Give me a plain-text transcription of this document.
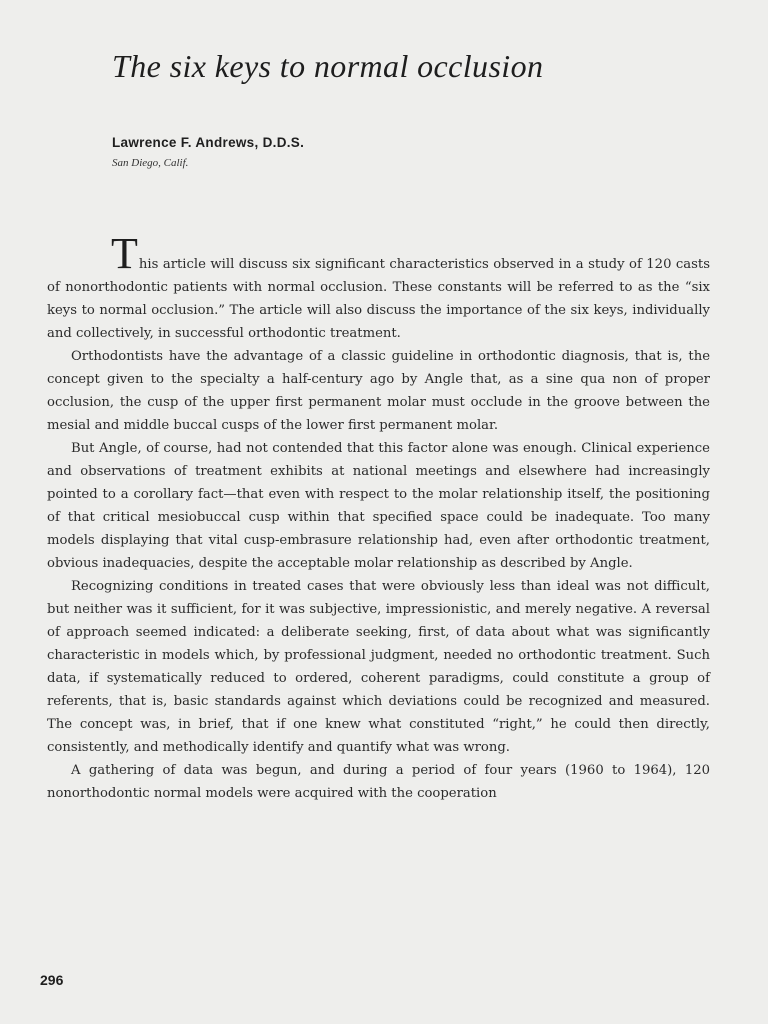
The six keys to normal occlusion
Lawrence F. Andrews, D.D.S.
San Diego, Calif.

This article will discuss six significant characteristics observed in a study of 120 casts of nonorthodontic patients with normal occlusion. These constants will be referred to as the “six keys to normal occlusion.” The article will also discuss the importance of the six keys, individually and collectively, in successful orthodontic treatment.

Orthodontists have the advantage of a classic guideline in orthodontic diagnosis, that is, the concept given to the specialty a half-century ago by Angle that, as a sine qua non of proper occlusion, the cusp of the upper first permanent molar must occlude in the groove between the mesial and middle buccal cusps of the lower first permanent molar.

But Angle, of course, had not contended that this factor alone was enough. Clinical experience and observations of treatment exhibits at national meetings and elsewhere had increasingly pointed to a corollary fact—that even with respect to the molar relationship itself, the positioning of that critical mesiobuccal cusp within that specified space could be inadequate. Too many models displaying that vital cusp-embrasure relationship had, even after orthodontic treatment, obvious inadequacies, despite the acceptable molar relationship as described by Angle.

Recognizing conditions in treated cases that were obviously less than ideal was not difficult, but neither was it sufficient, for it was subjective, impressionistic, and merely negative. A reversal of approach seemed indicated: a deliberate seeking, first, of data about what was significantly characteristic in models which, by professional judgment, needed no orthodontic treatment. Such data, if systematically reduced to ordered, coherent paradigms, could constitute a group of referents, that is, basic standards against which deviations could be recognized and measured. The concept was, in brief, that if one knew what constituted “right,” he could then directly, consistently, and methodically identify and quantify what was wrong.

A gathering of data was begun, and during a period of four years (1960 to 1964), 120 nonorthodontic normal models were acquired with the cooperation

296
